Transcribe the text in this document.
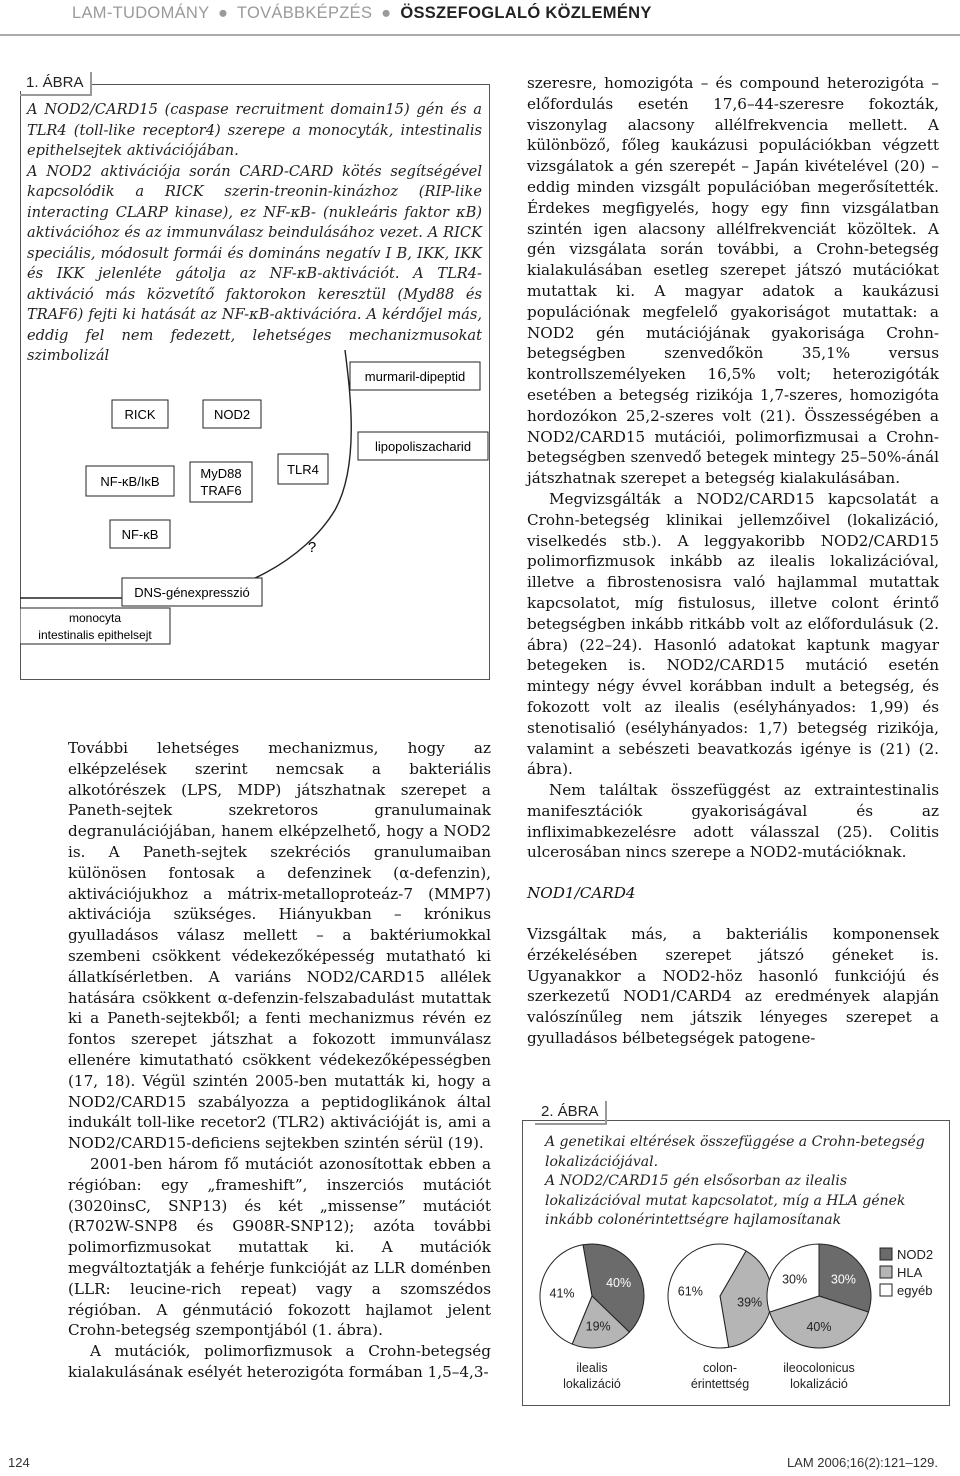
LAM-TUDOMÁNY ● TOVÁBBKÉPZÉS ● ÖSSZEFOGLALÓ KÖZLEMÉNY
1. ÁBRA

A NOD2/CARD15 (caspase recruitment domain15) gén és a TLR4 (toll-like receptor4) szerepe a monocyták, intestinalis epithelsejtek aktivációjában.

A NOD2 aktivációja során CARD-CARD kötés segítségével kapcsolódik a RICK szerin-treonin-kinázhoz (RIP-like interacting CLARP kinase), ez NF-κB- (nukleáris faktor κB) aktivációhoz és az immunválasz beindulásához vezet. A RICK speciális, módosult formái és domináns negatív I B, IKK, IKK és IKK jelenléte gátolja az NF-κB-aktivációt. A TLR4-aktiváció más közvetítő faktorokon keresztül (Myd88 és TRAF6) fejti ki hatását az NF-κB-aktivációra. A kérdőjel más, eddig fel nem fedezett, lehetséges mechanizmusokat szimbolizál

RICK	NOD2
NF-κB/IκB
MyD88
TRAF6
TLR4
NF-κB
?
DNS-génexpresszió
monocyta
intestinalis epithelsejt
murmaril-dipeptid
lipopoliszacharid

További lehetséges mechanizmus, hogy az elképzelések szerint nemcsak a bakteriális alkotórészek (LPS, MDP) játszhatnak szerepet a Paneth-sejtek szekretoros granulumainak degranulációjában, hanem elképzelhető, hogy a NOD2 is. A Paneth-sejtek szekréciós granulumaiban különösen fontosak a defenzinek (α-defenzin), aktivációjukhoz a mátrix-metalloproteáz-7 (MMP7) aktivációja szükséges. Hiányukban – krónikus gyulladásos válasz mellett – a baktériumokkal szembeni csökkent védekezőképesség mutatható ki állatkísérletben. A variáns NOD2/CARD15 allélek hatására csökkent α-defenzin-felszabadulást mutattak ki a Paneth-sejtekből; a fenti mechanizmus révén ez fontos szerepet játszhat a fokozott immunválasz ellenére kimutatható csökkent védekezőképességben (17, 18). Végül szintén 2005-ben mutatták ki, hogy a NOD2/CARD15 szabályozza a peptidoglikánok által indukált toll-like recetor2 (TLR2) aktivációját is, ami a NOD2/CARD15-deficiens sejtekben szintén sérül (19).

2001-ben három fő mutációt azonosítottak ebben a régióban: egy „frameshift”, inszerciós mutációt (3020insC, SNP13) és két „missense” mutációt (R702W-SNP8 és G908R-SNP12); azóta további polimorfizmusokat mutattak ki. A mutációk megváltoztatják a fehérje funkcióját az LLR doménben (LLR: leucine-rich repeat) vagy a szomszédos régióban. A génmutáció fokozott hajlamot jelent Crohn-betegség szempontjából (1. ábra).

A mutációk, polimorfizmusok a Crohn-betegség kialakulásának esélyét heterozigóta formában 1,5–4,3-

szeresre, homozigóta – és compound heterozigóta – előfordulás esetén 17,6–44-szeresre fokozták, viszonylag alacsony allélfrekvencia mellett. A különböző, főleg kaukázusi populációkban végzett vizsgálatok a gén szerepét – Japán kivételével (20) – eddig minden vizsgált populációban megerősítették. Érdekes megfigyelés, hogy egy finn vizsgálatban szintén igen alacsony allélfrekvenciát közöltek. A gén vizsgálata során további, a Crohn-betegség kialakulásában esetleg szerepet játszó mutációkat mutattak ki. A magyar adatok a kaukázusi populációnak megfelelő gyakoriságot mutattak: a NOD2 gén mutációjának gyakorisága Crohn-betegségben szenvedőkön 35,1% versus kontrollszemélyeken 16,5% volt; heterozigóták esetében a betegség rizikója 1,7-szeres, homozigóta hordozókon 25,2-szeres volt (21). Összességében a NOD2/CARD15 mutációi, polimorfizmusai a Crohn-betegségben szenvedő betegek mintegy 25–50%-ánál játszhatnak szerepet a betegség kialakulásában.

Megvizsgálták a NOD2/CARD15 kapcsolatát a Crohn-betegség klinikai jellemzőivel (lokalizáció, viselkedés stb.). A leggyakoribb NOD2/CARD15 polimorfizmusok inkább az ilealis lokalizációval, illetve a fibrostenosisra való hajlammal mutattak kapcsolatot, míg fistulosus, illetve colont érintő betegségben inkább ritkább volt az előfordulásuk (2. ábra) (22–24). Hasonló adatokat kaptunk magyar betegeken is. NOD2/CARD15 mutáció esetén mintegy négy évvel korábban indult a betegség, és fokozott volt az ilealis (esélyhányados: 1,99) és stenotisalió (esélyhányados: 1,7) betegség rizikója, valamint a sebészeti beavatkozás igénye is (21) (2. ábra).

Nem találtak összefüggést az extraintestinalis manifesztációk gyakoriságával és az infliximabkezelésre adott válasszal (25). Colitis ulcerosában nincs szerepe a NOD2-mutációknak.

NOD1/CARD4

Vizsgáltak más, a bakteriális komponensek érzékelésében szerepet játszó géneket is. Ugyanakkor a NOD2-höz hasonló funkciójú és szerkezetű NOD1/CARD4 az eredmények alapján valószínűleg nem játszik lényeges szerepet a gyulladásos bélbetegségek patogene-

2. ÁBRA

A genetikai eltérések összefüggése a Crohn-betegség lokalizációjával.

A NOD2/CARD15 gén elsősorban az ilealis lokalizációval mutat kapcsolatot, míg a HLA gének inkább colonérintettségre hajlamosítanak

40%
19%
41%
ilealis
lokalizáció
39%
61%
colon-
érintettség
30%
40%
30%
ileocolonicus
lokalizáció
NOD2
HLA
egyéb
124	LAM 2006;16(2):121–129.
